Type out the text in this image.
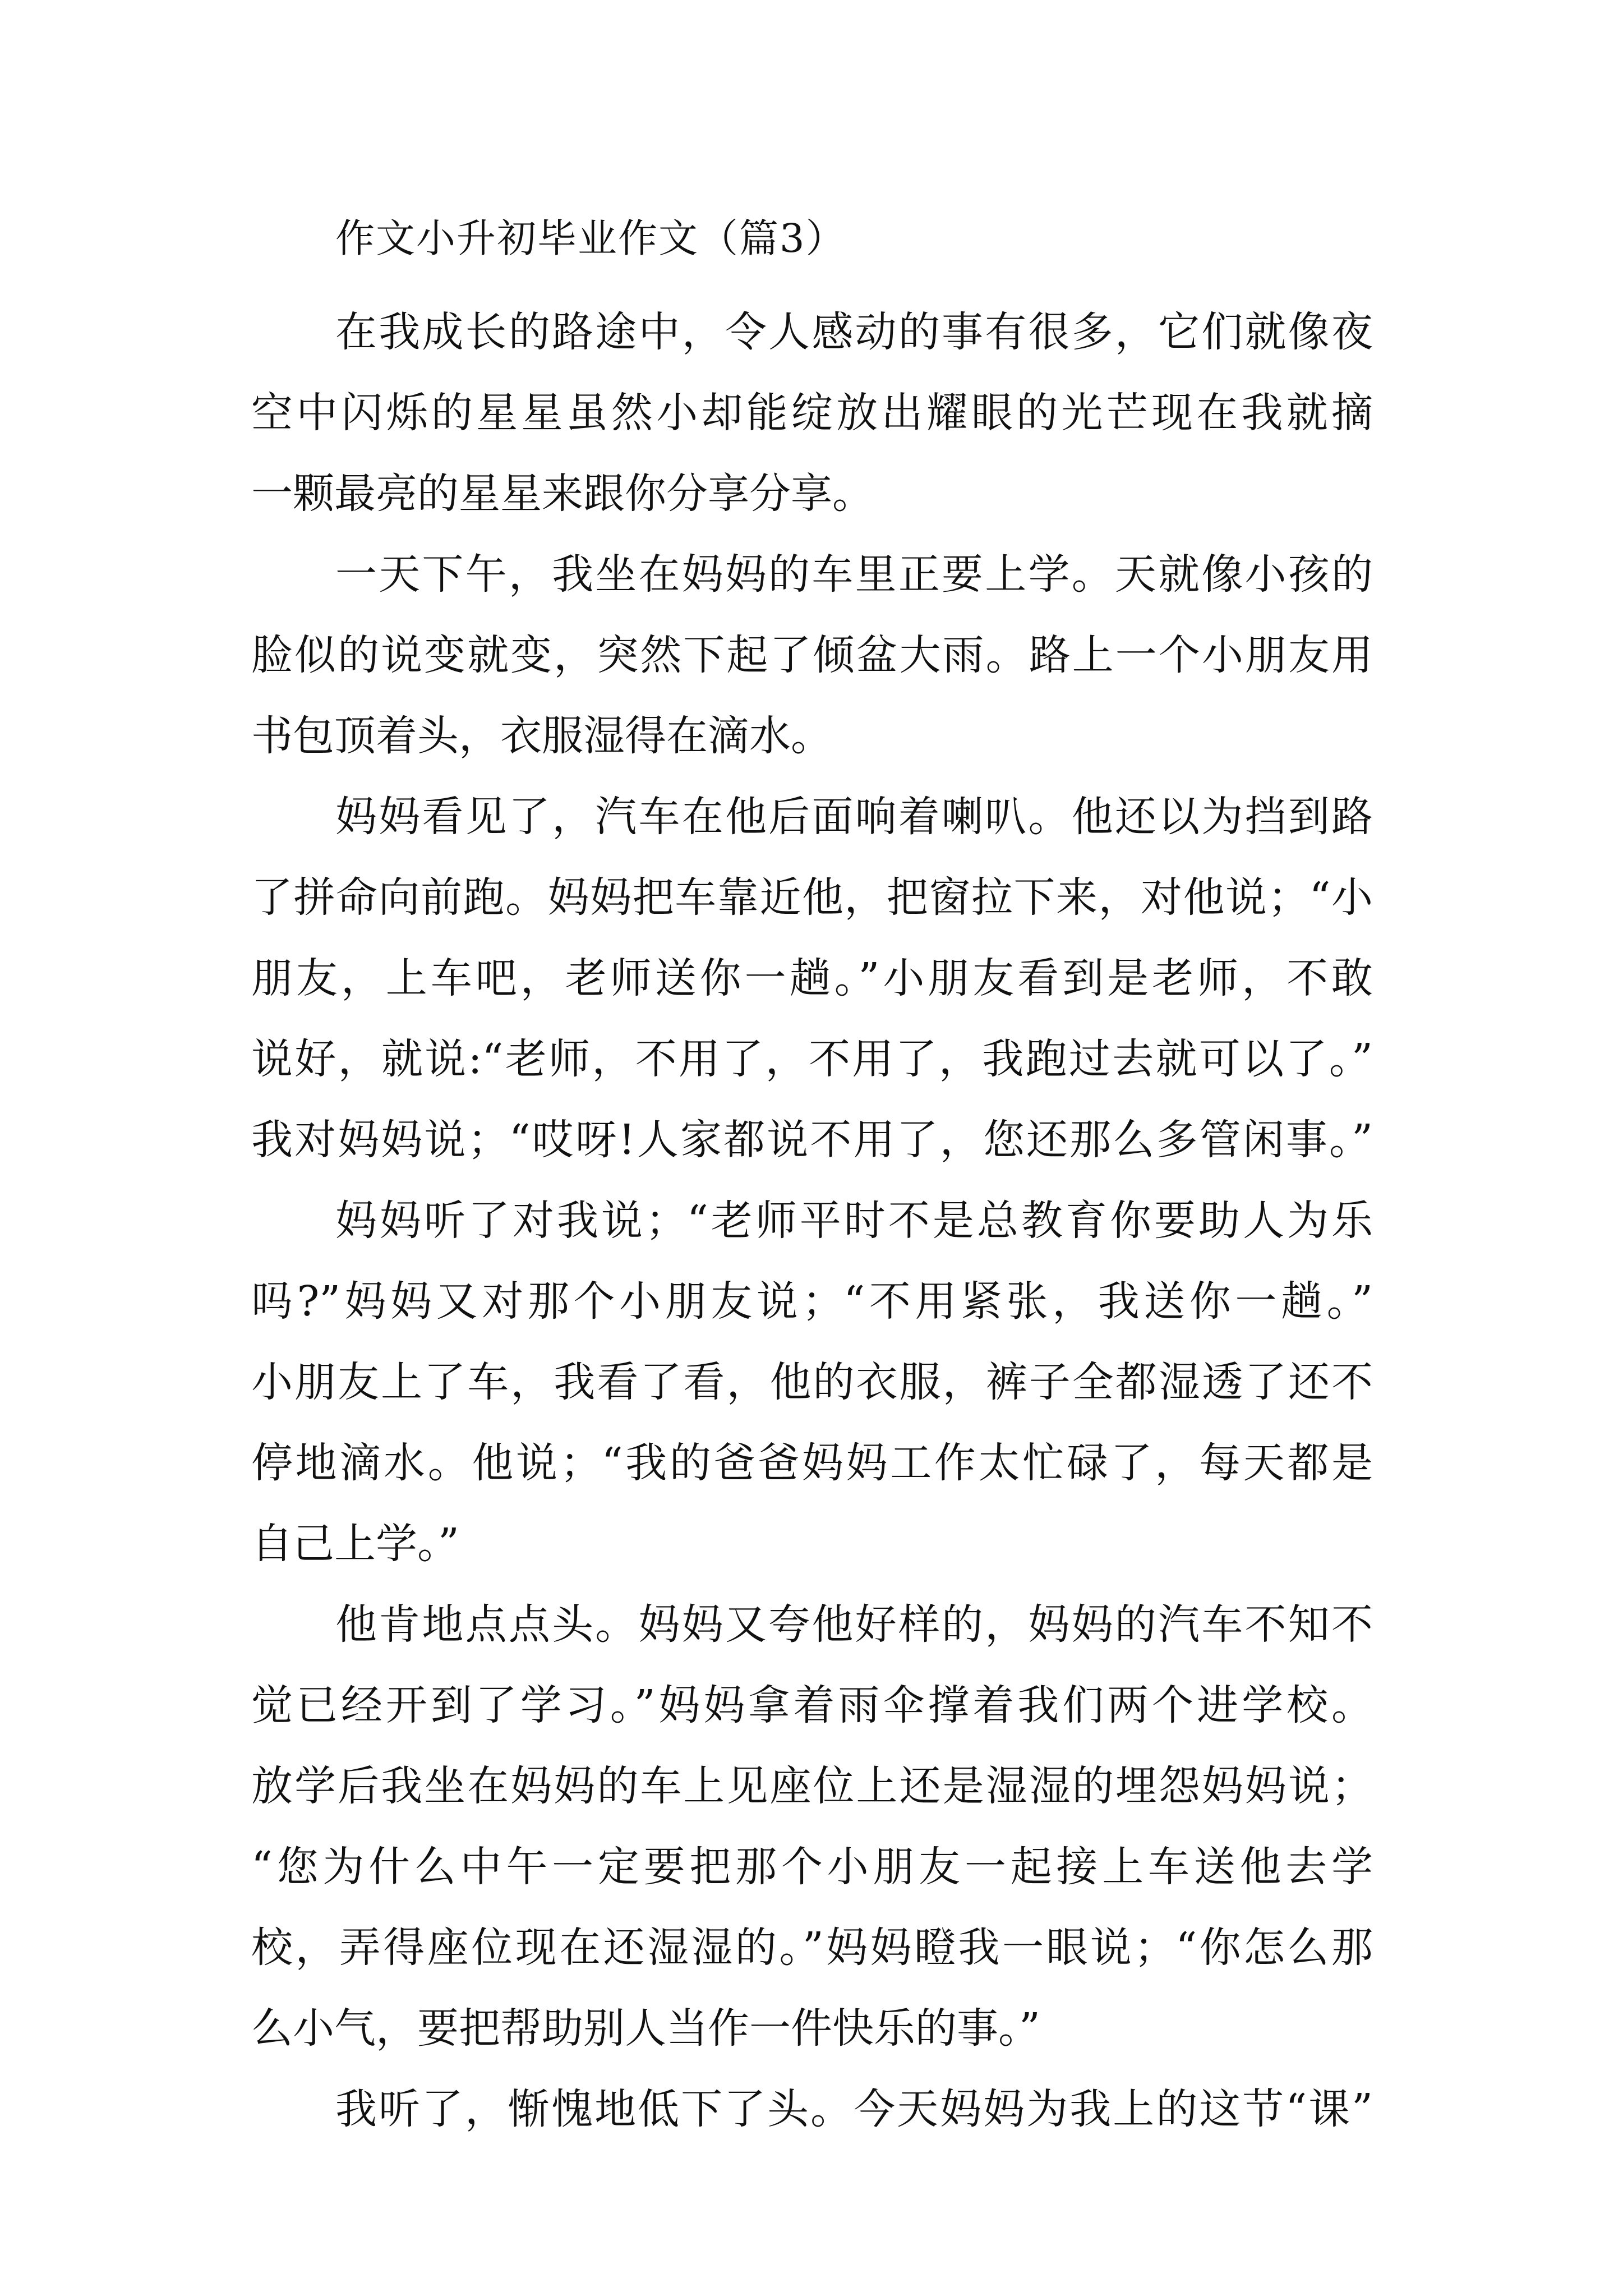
作文小升初毕业作文（篇3）

在我成长的路途中，令人感动的事有很多，它们就像夜
空中闪烁的星星虽然小却能绽放出耀眼的光芒现在我就摘
一颗最亮的星星来跟你分享分享。

一天下午，我坐在妈妈的车里正要上学。天就像小孩的
脸似的说变就变，突然下起了倾盆大雨。路上一个小朋友用
书包顶着头，衣服湿得在滴水。

妈妈看见了，汽车在他后面响着喇叭。他还以为挡到路
了拼命向前跑。妈妈把车靠近他，把窗拉下来，对他说；“小
朋友，上车吧，老师送你一趟。”小朋友看到是老师，不敢
说好，就说:“老师，不用了，不用了，我跑过去就可以了。”
我对妈妈说；“哎呀!人家都说不用了，您还那么多管闲事。”

妈妈听了对我说；“老师平时不是总教育你要助人为乐
吗?”妈妈又对那个小朋友说；“不用紧张，我送你一趟。”
小朋友上了车，我看了看，他的衣服，裤子全都湿透了还不
停地滴水。他说；“我的爸爸妈妈工作太忙碌了，每天都是
自己上学。”

他肯地点点头。妈妈又夸他好样的，妈妈的汽车不知不
觉已经开到了学习。”妈妈拿着雨伞撑着我们两个进学校。
放学后我坐在妈妈的车上见座位上还是湿湿的埋怨妈妈说；
“您为什么中午一定要把那个小朋友一起接上车送他去学
校，弄得座位现在还湿湿的。”妈妈瞪我一眼说；“你怎么那
么小气，要把帮助别人当作一件快乐的事。”

我听了，惭愧地低下了头。今天妈妈为我上的这节“课”
